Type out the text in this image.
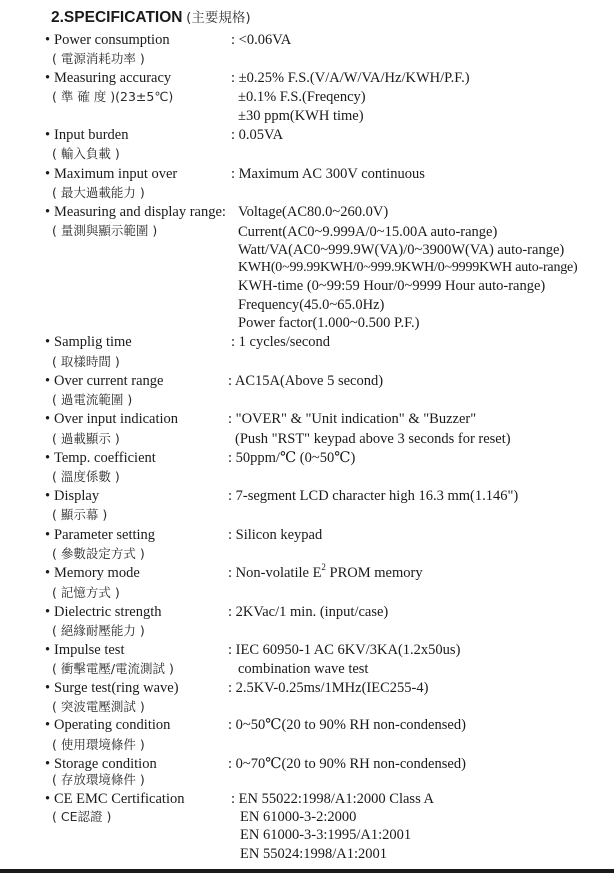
2.SPECIFICATION (主要規格)
• Power consumption	: <0.06VA
( 電源消耗功率 )
• Measuring accuracy	: ±0.25% F.S.(V/A/W/VA/Hz/KWH/P.F.)
( 準 確 度 )(23±5℃)	±0.1% F.S.(Freqency)
±30 ppm(KWH time)
• Input burden	: 0.05VA
( 輸入負載 )
• Maximum input over	: Maximum AC 300V continuous
( 最大過載能力 )
• Measuring and display range: Voltage(AC80.0~260.0V)
( 量測與顯示範圍 )	Current(AC0~9.999A/0~15.00A auto-range)
Watt/VA(AC0~999.9W(VA)/0~3900W(VA) auto-range)
KWH(0~99.99KWH/0~999.9KWH/0~9999KWH auto-range)
KWH-time (0~99:59 Hour/0~9999 Hour auto-range)
Frequency(45.0~65.0Hz)
Power factor(1.000~0.500 P.F.)
• Samplig time	: 1 cycles/second
( 取樣時間 )
• Over current range	: AC15A(Above 5 second)
( 過電流範圍 )
• Over input indication	: "OVER" & "Unit indication" & "Buzzer"
( 過載顯示 )	(Push "RST" keypad above 3 seconds for reset)
• Temp. coefficient	: 50ppm/℃ (0~50℃)
( 溫度係數 )
• Display	: 7-segment LCD character high 16.3 mm(1.146")
( 顯示幕 )
• Parameter setting	: Silicon keypad
( 參數設定方式 )
• Memory mode	: Non-volatile $E^2$ PROM memory
( 記憶方式 )
• Dielectric strength	: 2KVac/1 min. (input/case)
( 絕緣耐壓能力 )
• Impulse test	: IEC 60950-1 AC 6KV/3KA(1.2x50us)
( 衝擊電壓/電流測試 )	combination wave test
• Surge test(ring wave)	: 2.5KV-0.25ms/1MHz(IEC255-4)
( 突波電壓測試 )
• Operating condition	: 0~50℃(20 to 90% RH non-condensed)
( 使用環境條件 )
• Storage condition	: 0~70℃(20 to 90% RH non-condensed)
( 存放環境條件 )
• CE EMC Certification	: EN 55022:1998/A1:2000 Class A
( CE認證 )	EN 61000-3-2:2000
EN 61000-3-3:1995/A1:2001
EN 55024:1998/A1:2001
